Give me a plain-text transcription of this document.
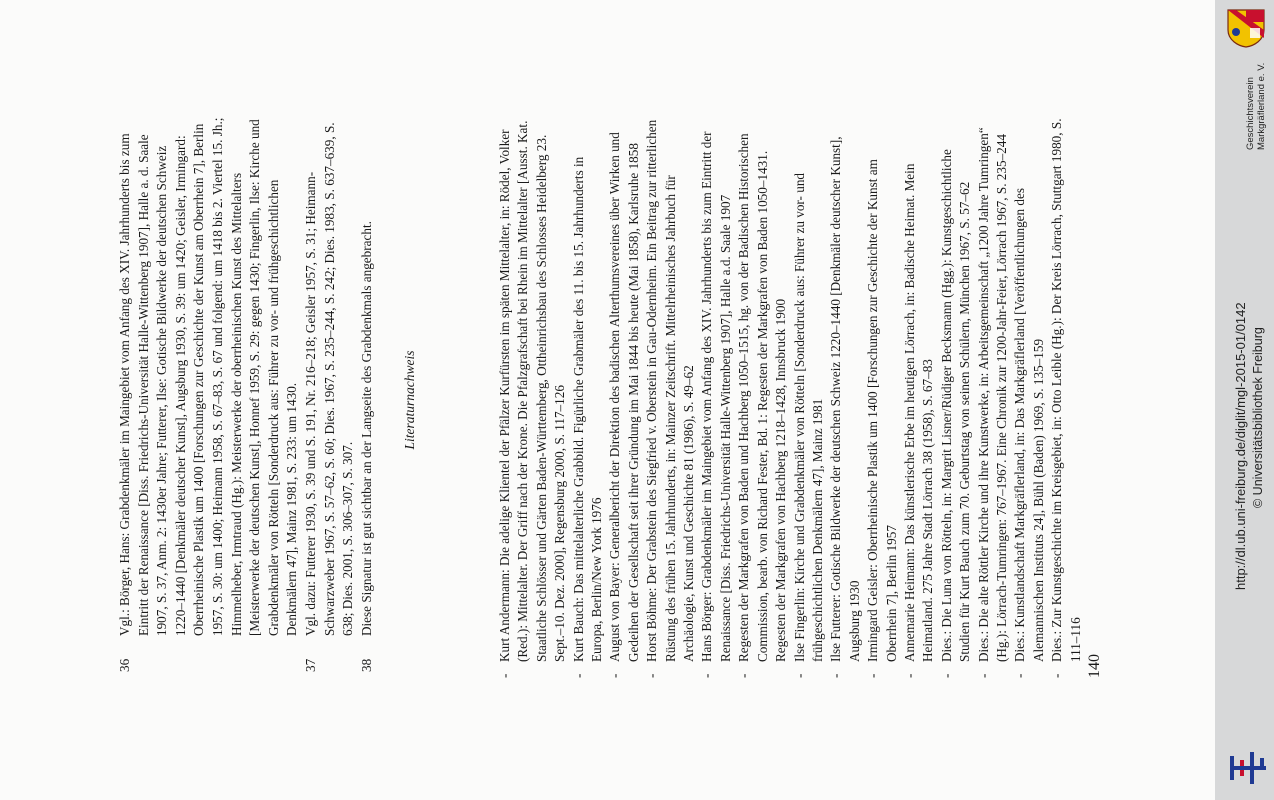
36
Vgl.: Börger, Hans: Grabdenkmäler im Maingebiet vom Anfang des XIV. Jahrhunderts bis zum Eintritt der Renaissance [Diss. Friedrichs-Universität Halle-Wittenberg 1907], Halle a. d. Saale 1907, S. 37, Anm. 2: 1430er Jahre; Futterer, Ilse: Gotische Bildwerke der deutschen Schweiz 1220–1440 [Denkmäler deutscher Kunst], Augsburg 1930, S. 39: um 1420; Geisler, Irmingard: Oberrheinische Plastik um 1400 [Forschungen zur Geschichte der Kunst am Oberrhein 7], Berlin 1957, S. 30: um 1400; Heimann 1958, S. 67–83, S. 67 und folgend: um 1418 bis 2. Viertel 15. Jh.; Himmelheber, Irmtraud (Hg.): Meisterwerke der oberrheinischen Kunst des Mittelalters [Meisterwerke der deutschen Kunst], Honnef 1959, S. 29: gegen 1430; Fingerlin, Ilse: Kirche und Grabdenkmäler von Rötteln [Sonderdruck aus: Führer zu vor- und frühgeschichtlichen Denkmälern 47], Mainz 1981, S. 233: um 1430.
37
Vgl. dazu: Futterer 1930, S. 39 und S. 191, Nr. 216–218; Geisler 1957, S. 31; Heimann-Schwarzweber 1967, S. 57–62, S. 60; Dies. 1967, S. 235–244, S. 242; Dies. 1983, S. 637–639, S. 638; Dies. 2001, S. 306–307, S. 307.
38
Diese Signatur ist gut sichtbar an der Langseite des Grabdenkmals angebracht. Literaturnachweis
-
Kurt Andermann: Die adelige Klientel der Pfälzer Kurfürsten im späten Mittelalter, in: Rödel, Volker (Red.): Mittelalter. Der Griff nach der Krone. Die Pfalzgrafschaft bei Rhein im Mittelalter [Ausst. Kat. Staatliche Schlösser und Gärten Baden-Württemberg, Ottheinrichsbau des Schlosses Heidelberg 23. Sept.–10. Dez. 2000], Regensburg 2000, S. 117–126
-
Kurt Bauch: Das mittelalterliche Grabbild. Figürliche Grabmäler des 11. bis 15. Jahrhunderts in Europa, Berlin/New York 1976
-
August von Bayer: Generalbericht der Direktion des badischen Alterthumsvereines über Wirken und Gedeihen der Gesellschaft seit ihrer Gründung im Mai 1844 bis heute (Mai 1858), Karlsruhe 1858
-
Horst Böhme: Der Grabstein des Siegfried v. Oberstein in Gau-Odernheim. Ein Beitrag zur ritterlichen Rüstung des frühen 15. Jahrhunderts, in: Mainzer Zeitschrift. Mittelrheinisches Jahrbuch für Archäologie, Kunst und Geschichte 81 (1986), S. 49–62
-
Hans Börger: Grabdenkmäler im Maingebiet vom Anfang des XIV. Jahrhunderts bis zum Eintritt der Renaissance [Diss. Friedrichs-Universität Halle-Wittenberg 1907], Halle a.d. Saale 1907
-
Regesten der Markgrafen von Baden und Hachberg 1050–1515, hg. von der Badischen Historischen Commission, bearb. von Richard Fester, Bd. 1: Regesten der Markgrafen von Baden 1050–1431. Regesten der Markgrafen von Hachberg 1218–1428, Innsbruck 1900
-
Ilse Fingerlin: Kirche und Grabdenkmäler von Rötteln [Sonderdruck aus: Führer zu vor- und frühgeschichtlichen Denkmälern 47], Mainz 1981
-
Ilse Futterer: Gotische Bildwerke der deutschen Schweiz 1220–1440 [Denkmäler deutscher Kunst], Augsburg 1930
-
Irmingard Geisler: Oberrheinische Plastik um 1400 [Forschungen zur Geschichte der Kunst am Oberrhein 7], Berlin 1957
-
Annemarie Heimann: Das künstlerische Erbe im heutigen Lörrach, in: Badische Heimat. Mein Heimatland. 275 Jahre Stadt Lörrach 38 (1958), S. 67–83
-
Dies.: Die Luna von Rötteln, in: Margrit Lisner/Rüdiger Becksmann (Hgg.): Kunstgeschichtliche Studien für Kurt Bauch zum 70. Geburtstag von seinen Schülern, München 1967, S. 57–62
-
Dies.: Die alte Röttler Kirche und ihre Kunstwerke, in: Arbeitsgemeinschaft „1200 Jahre Tumringen“ (Hg.): Lörrach-Tumringen: 767–1967. Eine Chronik zur 1200-Jahr-Feier, Lörrach 1967, S. 235–244
-
Dies.: Kunstlandschaft Markgräflerland, in: Das Markgräflerland [Veröffentlichungen des Alemannischen Instituts 24], Bühl (Baden) 1969, S. 135–159
-
Dies.: Zur Kunstgeschichte im Kreisgebiet, in: Otto Leible (Hg.): Der Kreis Lörrach, Stuttgart 1980, S. 111–116
140
http://dl.ub.uni-freiburg.de/diglit/mgl-2015-01/0142 © Universitätsbibliothek Freiburg
Geschichtsverein Markgräflerland e. V.
